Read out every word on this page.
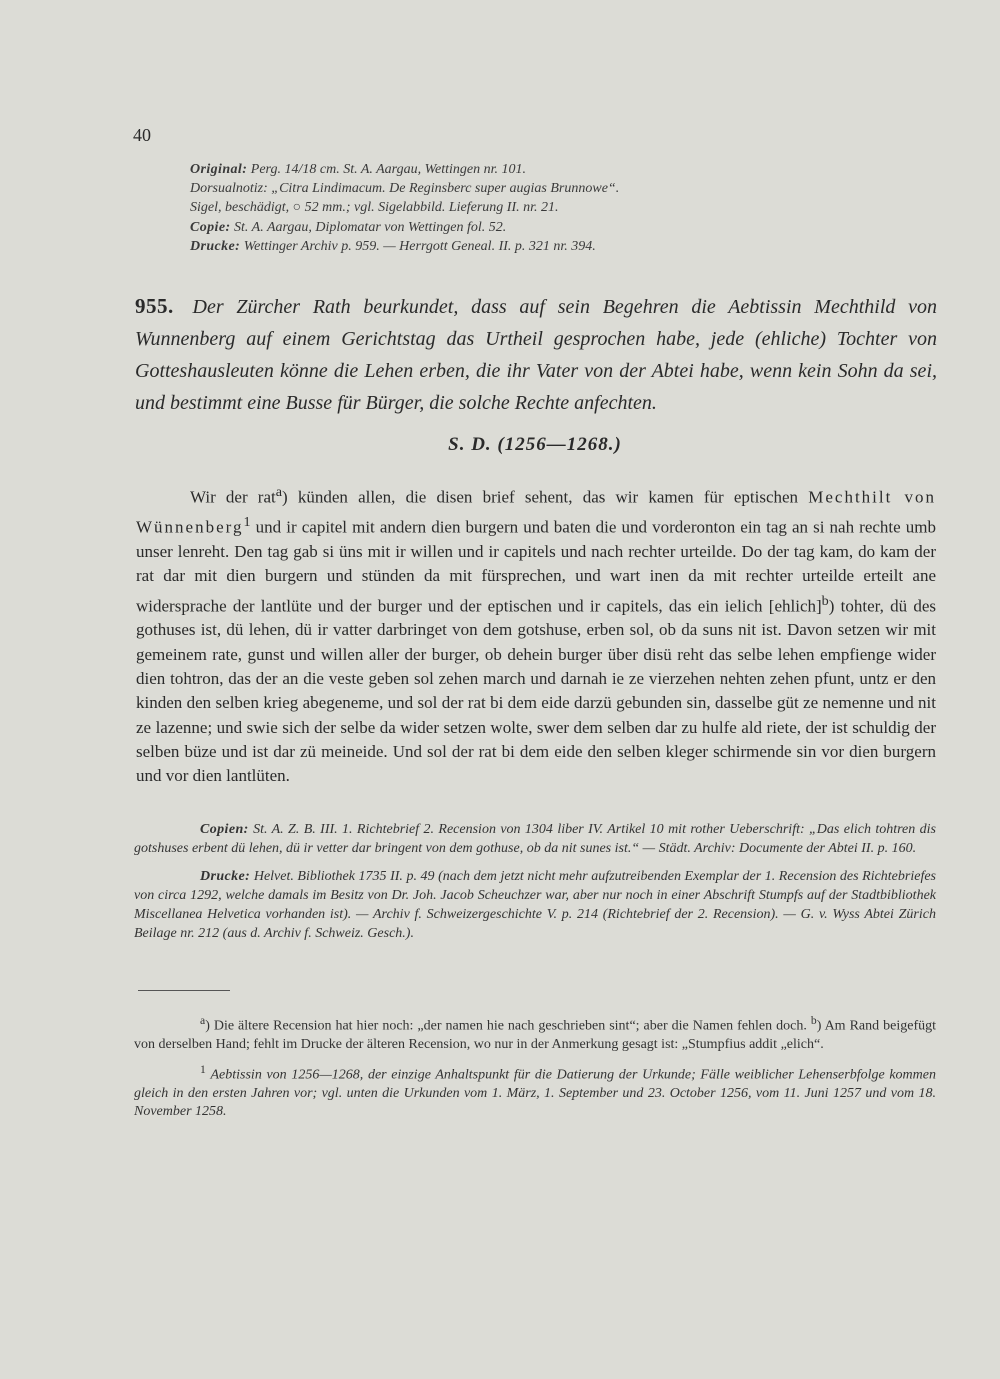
40
Original: Perg. 14/18 cm. St. A. Aargau, Wettingen nr. 101.
Dorsualnotiz: „Citra Lindimacum. De Reginsberc super augias Brunnowe“.
Sigel, beschädigt, ○ 52 mm.; vgl. Sigelabbild. Lieferung II. nr. 21.
Copie: St. A. Aargau, Diplomatar von Wettingen fol. 52.
Drucke: Wettinger Archiv p. 959. — Herrgott Geneal. II. p. 321 nr. 394.
955. Der Zürcher Rath beurkundet, dass auf sein Begehren die Aebtissin Mechthild von Wunnenberg auf einem Gerichtstag das Urtheil gesprochen habe, jede (ehliche) Tochter von Gotteshausleuten könne die Lehen erben, die ihr Vater von der Abtei habe, wenn kein Sohn da sei, und bestimmt eine Busse für Bürger, die solche Rechte anfechten.
S. D. (1256—1268.)

Wir der rat$^a$) künden allen, die disen brief sehent, das wir kamen für eptischen Mechthilt von Wünnenberg$^1$ und ir capitel mit andern dien burgern und baten die und vorderonton ein tag an si nah rechte umb unser lenreht. Den tag gab si üns mit ir willen und ir capitels und nach rechter urteilde. Do der tag kam, do kam der rat dar mit dien burgern und stünden da mit fürsprechen, und wart inen da mit rechter urteilde erteilt ane widersprache der lantlüte und der burger und der eptischen und ir capitels, das ein ielich [ehlich]$^b$) tohter, dü des gothuses ist, dü lehen, dü ir vatter darbringet von dem gotshuse, erben sol, ob da suns nit ist. Davon setzen wir mit gemeinem rate, gunst und willen aller der burger, ob dehein burger über disü reht das selbe lehen empfienge wider dien tohtron, das der an die veste geben sol zehen march und darnah ie ze vierzehen nehten zehen pfunt, untz er den kinden den selben krieg abegeneme, und sol der rat bi dem eide darzü gebunden sin, dasselbe güt ze nemenne und nit ze lazenne; und swie sich der selbe da wider setzen wolte, swer dem selben dar zu hulfe ald riete, der ist schuldig der selben büze und ist dar zü meineide. Und sol der rat bi dem eide den selben kleger schirmende sin vor dien burgern und vor dien lantlüten.

Copien: St. A. Z. B. III. 1. Richtebrief 2. Recension von 1304 liber IV. Artikel 10 mit rother Ueberschrift: „Das elich tohtren dis gotshuses erbent dü lehen, dü ir vetter dar bringent von dem gothuse, ob da nit sunes ist.“ — Städt. Archiv: Documente der Abtei II. p. 160.

Drucke: Helvet. Bibliothek 1735 II. p. 49 (nach dem jetzt nicht mehr aufzutreibenden Exemplar der 1. Recension des Richtebriefes von circa 1292, welche damals im Besitz von Dr. Joh. Jacob Scheuchzer war, aber nur noch in einer Abschrift Stumpfs auf der Stadtbibliothek Miscellanea Helvetica vorhanden ist). — Archiv f. Schweizergeschichte V. p. 214 (Richtebrief der 2. Recension). — G. v. Wyss Abtei Zürich Beilage nr. 212 (aus d. Archiv f. Schweiz. Gesch.).

$^a$) Die ältere Recension hat hier noch: „der namen hie nach geschrieben sint“; aber die Namen fehlen doch. $^b$) Am Rand beigefügt von derselben Hand; fehlt im Drucke der älteren Recension, wo nur in der Anmerkung gesagt ist: „Stumpfius addit „elich“.

$^1$ Aebtissin von 1256—1268, der einzige Anhaltspunkt für die Datierung der Urkunde; Fälle weiblicher Lehenserbfolge kommen gleich in den ersten Jahren vor; vgl. unten die Urkunden vom 1. März, 1. September und 23. October 1256, vom 11. Juni 1257 und vom 18. November 1258.
